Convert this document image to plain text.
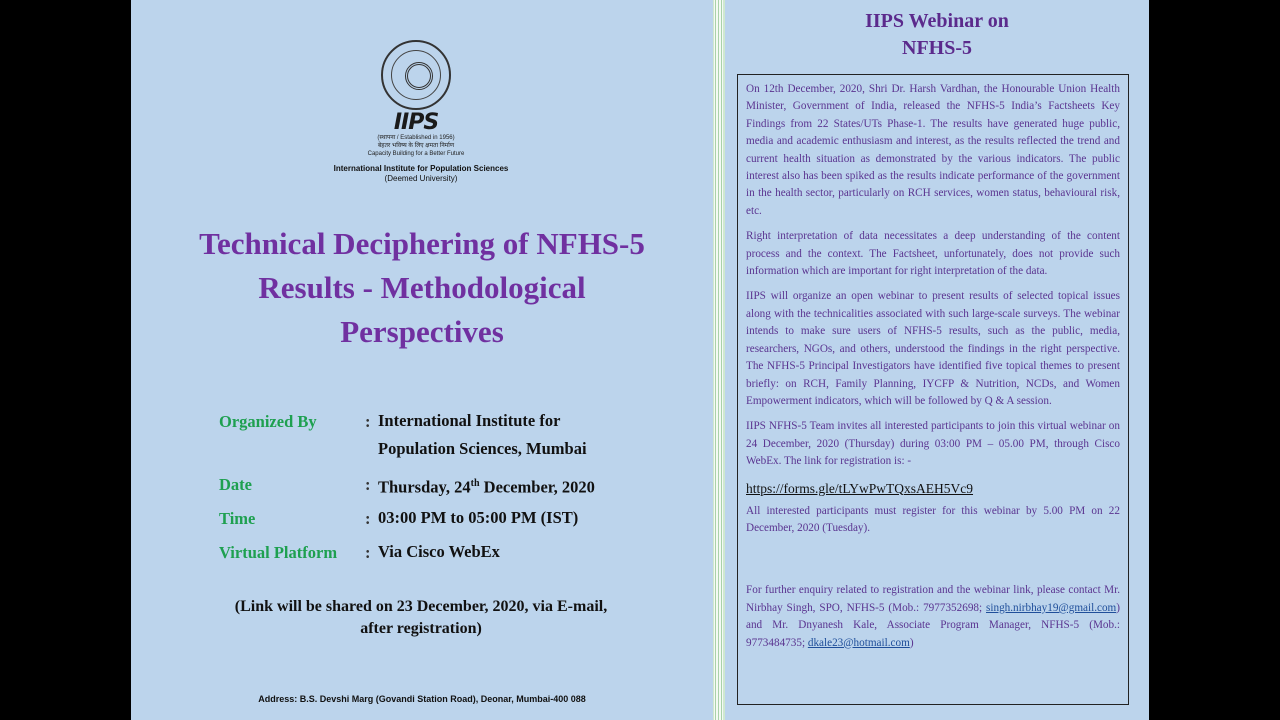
IIPS
(स्थापना / Established in 1956)
बेहतर भविष्य के लिए क्षमता निर्माण
Capacity Building for a Better Future
International Institute for Population Sciences
(Deemed University)
Technical Deciphering of NFHS-5
Results - Methodological
Perspectives
Organized By	: International Institute for
Population Sciences, Mumbai
Date	: Thursday, 24th December, 2020
Time	: 03:00 PM to 05:00 PM (IST)
Virtual Platform : Via Cisco WebEx
(Link will be shared on 23 December, 2020, via E-mail,
after registration)
Address: B.S. Devshi Marg (Govandi Station Road), Deonar, Mumbai-400 088
IIPS Webinar on
NFHS-5

On 12th December, 2020, Shri Dr. Harsh Vardhan, the Honourable Union Health Minister, Government of India, released the NFHS-5 India’s Factsheets Key Findings from 22 States/UTs Phase-1. The results have generated huge public, media and academic enthusiasm and interest, as the results reflected the trend and current health situation as demonstrated by the various indicators. The public interest also has been spiked as the results indicate performance of the government in the health sector, particularly on RCH services, women status, behavioural risk, etc.

Right interpretation of data necessitates a deep understanding of the content process and the context. The Factsheet, unfortunately, does not provide such information which are important for right interpretation of the data.

IIPS will organize an open webinar to present results of selected topical issues along with the technicalities associated with such large-scale surveys. The webinar intends to make sure users of NFHS-5 results, such as the public, media, researchers, NGOs, and others, understood the findings in the right perspective. The NFHS-5 Principal Investigators have identified five topical themes to present briefly: on RCH, Family Planning, IYCFP & Nutrition, NCDs, and Women Empowerment indicators, which will be followed by Q & A session.

IIPS NFHS-5 Team invites all interested participants to join this virtual webinar on 24 December, 2020 (Thursday) during 03:00 PM – 05.00 PM, through Cisco WebEx. The link for registration is: -

https://forms.gle/tLYwPwTQxsAEH5Vc9

All interested participants must register for this webinar by 5.00 PM on 22 December, 2020 (Tuesday).

For further enquiry related to registration and the webinar link, please contact Mr. Nirbhay Singh, SPO, NFHS-5 (Mob.: 7977352698; singh.nirbhay19@gmail.com) and Mr. Dnyanesh Kale, Associate Program Manager, NFHS-5 (Mob.: 9773484735; dkale23@hotmail.com)
